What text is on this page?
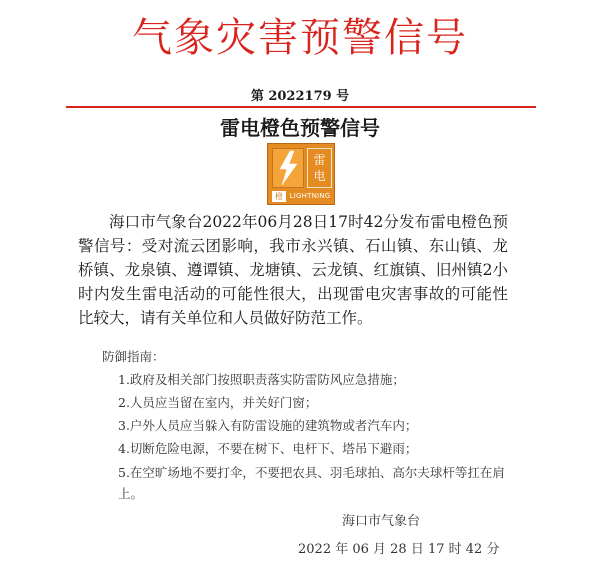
气象灾害预警信号
第 2022179 号
雷电橙色预警信号
雷
电
橙 LIGHTNING

海口市气象台2022年06月28日17时42分发布雷电橙色预警信号：受对流云团影响，我市永兴镇、石山镇、东山镇、龙桥镇、龙泉镇、遵谭镇、龙塘镇、云龙镇、红旗镇、旧州镇2小时内发生雷电活动的可能性很大，出现雷电灾害事故的可能性比较大，请有关单位和人员做好防范工作。

防御指南：
1.政府及相关部门按照职责落实防雷防风应急措施；
2.人员应当留在室内，并关好门窗；
3.户外人员应当躲入有防雷设施的建筑物或者汽车内；
4.切断危险电源，不要在树下、电杆下、塔吊下避雨；
5.在空旷场地不要打伞，不要把农具、羽毛球拍、高尔夫球杆等扛在肩上。
海口市气象台
2022 年 06 月 28 日 17 时 42 分
